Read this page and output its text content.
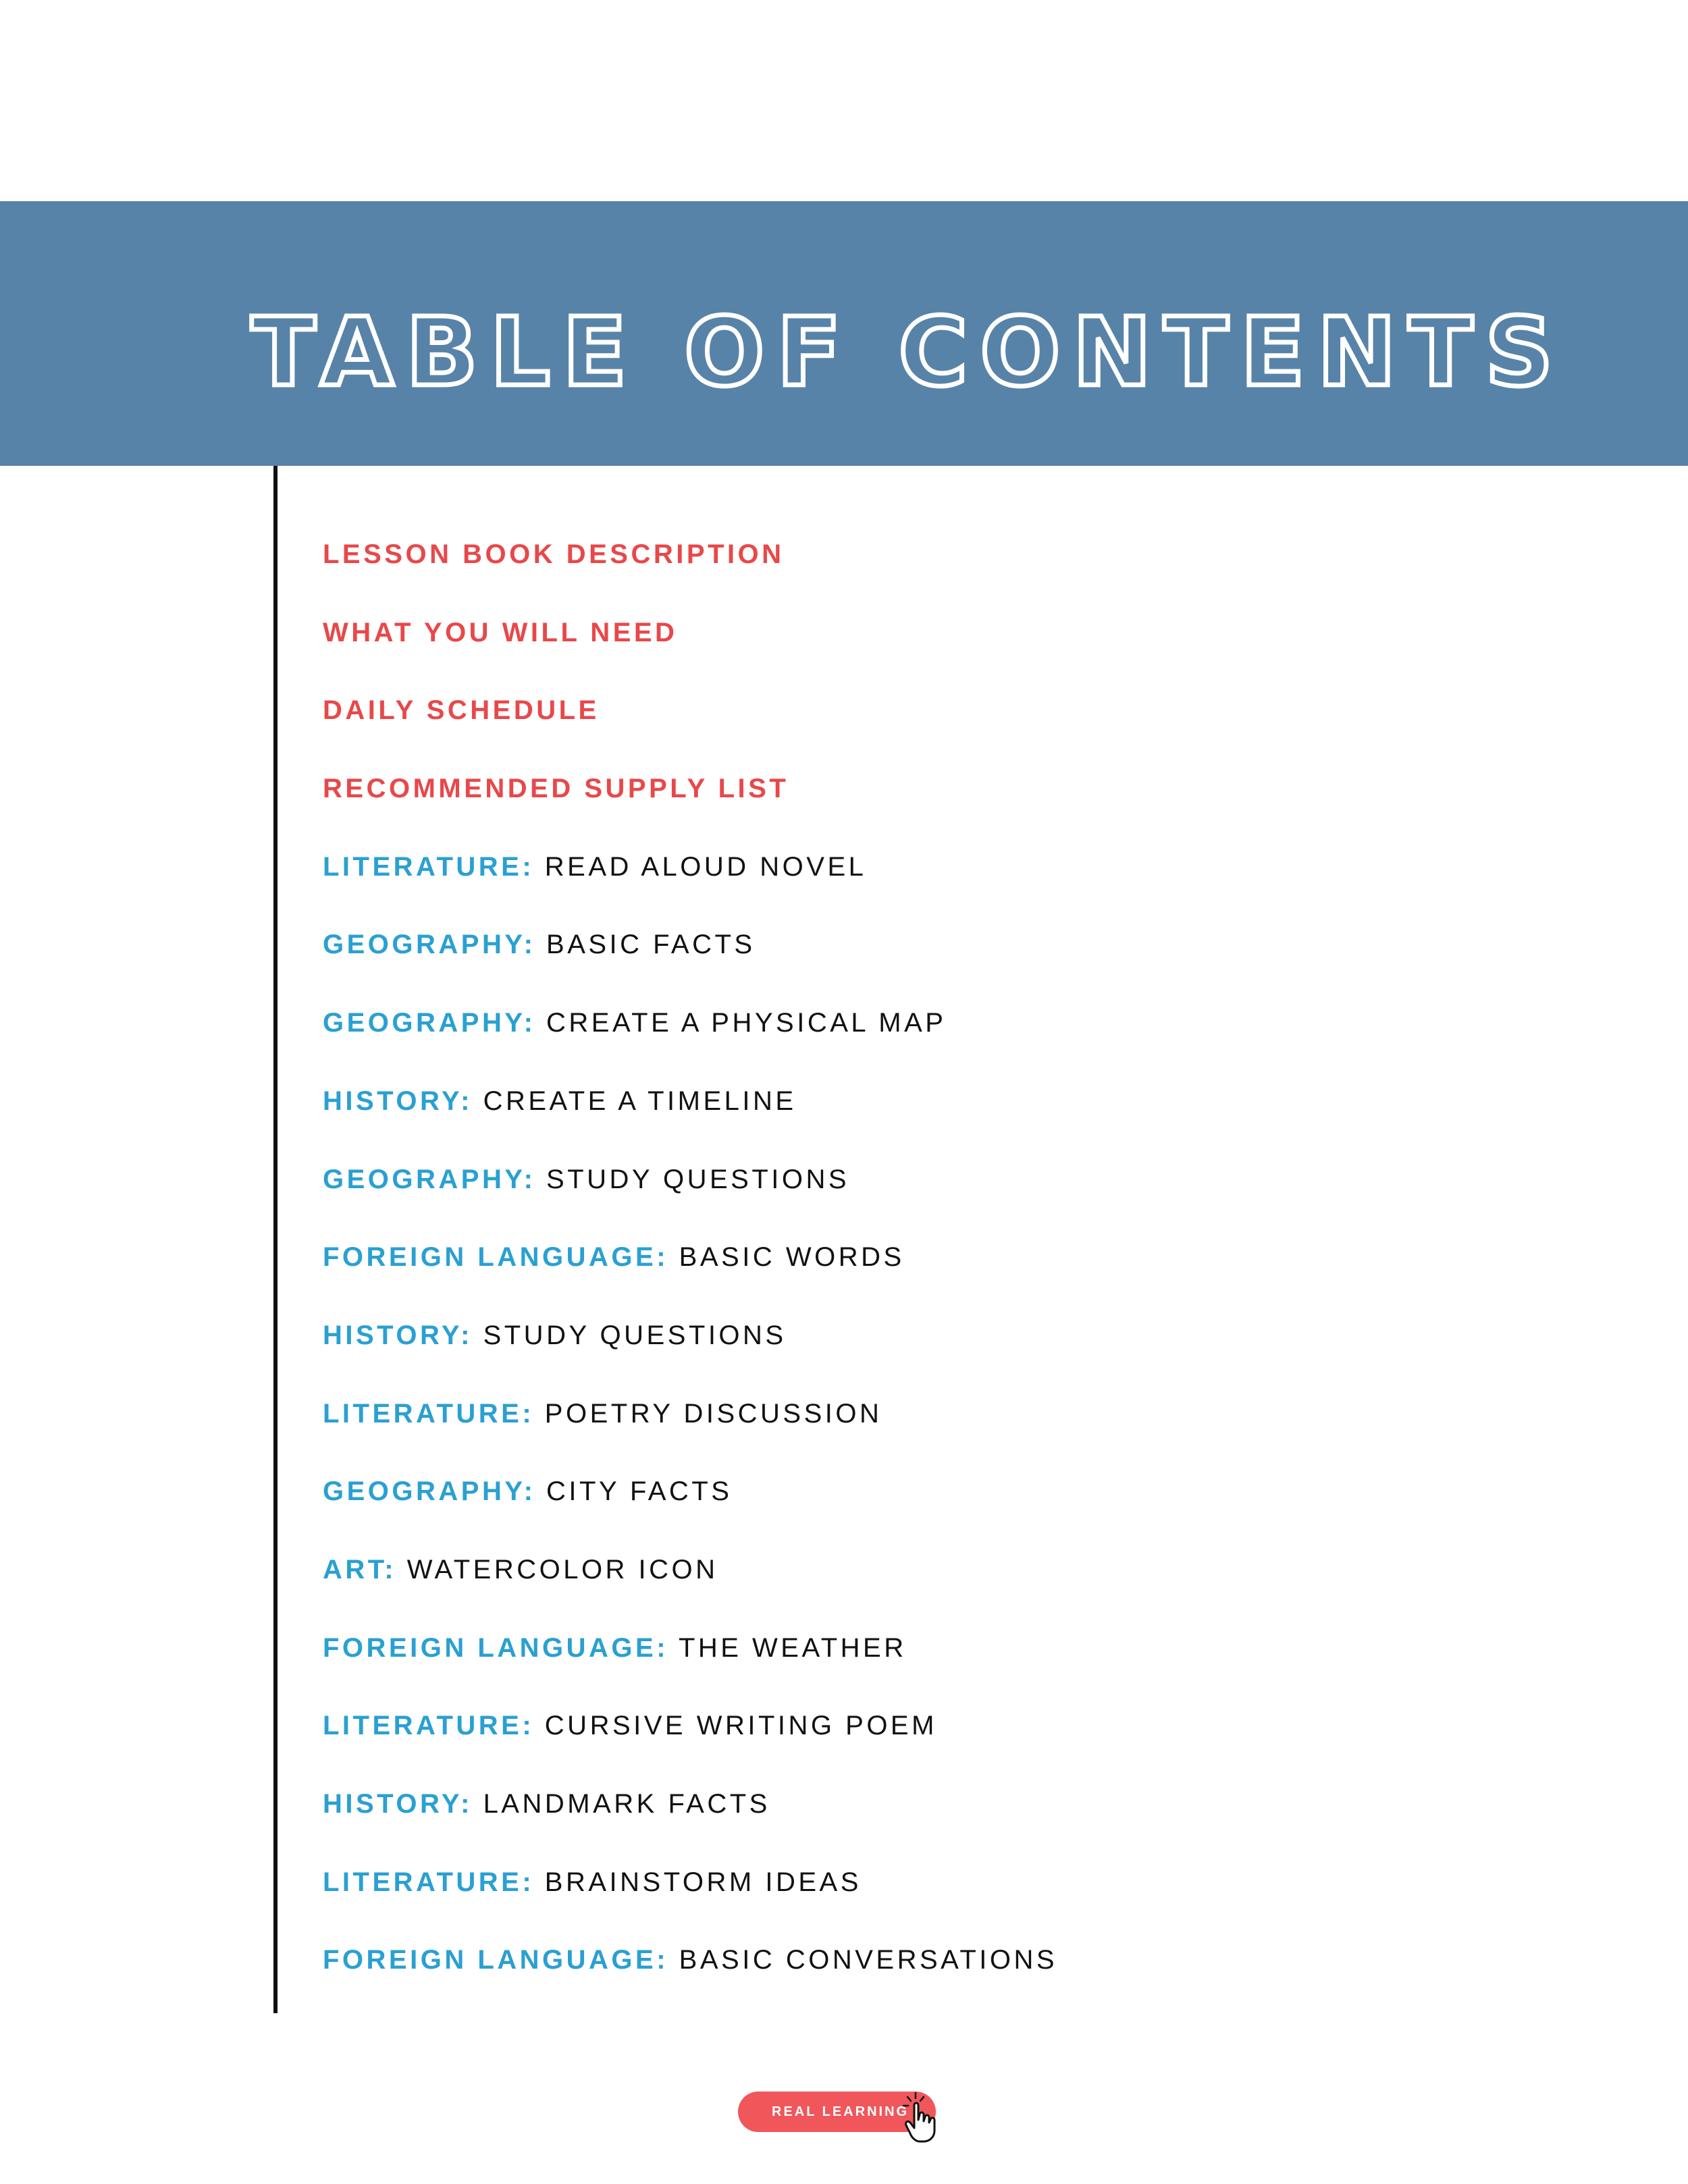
TABLE OF CONTENTS
LESSON BOOK DESCRIPTION
WHAT YOU WILL NEED
DAILY SCHEDULE
RECOMMENDED SUPPLY LIST
LITERATURE: READ ALOUD NOVEL
GEOGRAPHY: BASIC FACTS
GEOGRAPHY: CREATE A PHYSICAL MAP
HISTORY: CREATE A TIMELINE
GEOGRAPHY: STUDY QUESTIONS
FOREIGN LANGUAGE: BASIC WORDS
HISTORY: STUDY QUESTIONS
LITERATURE: POETRY DISCUSSION
GEOGRAPHY: CITY FACTS
ART: WATERCOLOR ICON
FOREIGN LANGUAGE: THE WEATHER
LITERATURE: CURSIVE WRITING POEM
HISTORY: LANDMARK FACTS
LITERATURE: BRAINSTORM IDEAS
FOREIGN LANGUAGE: BASIC CONVERSATIONS
REAL LEARNING
